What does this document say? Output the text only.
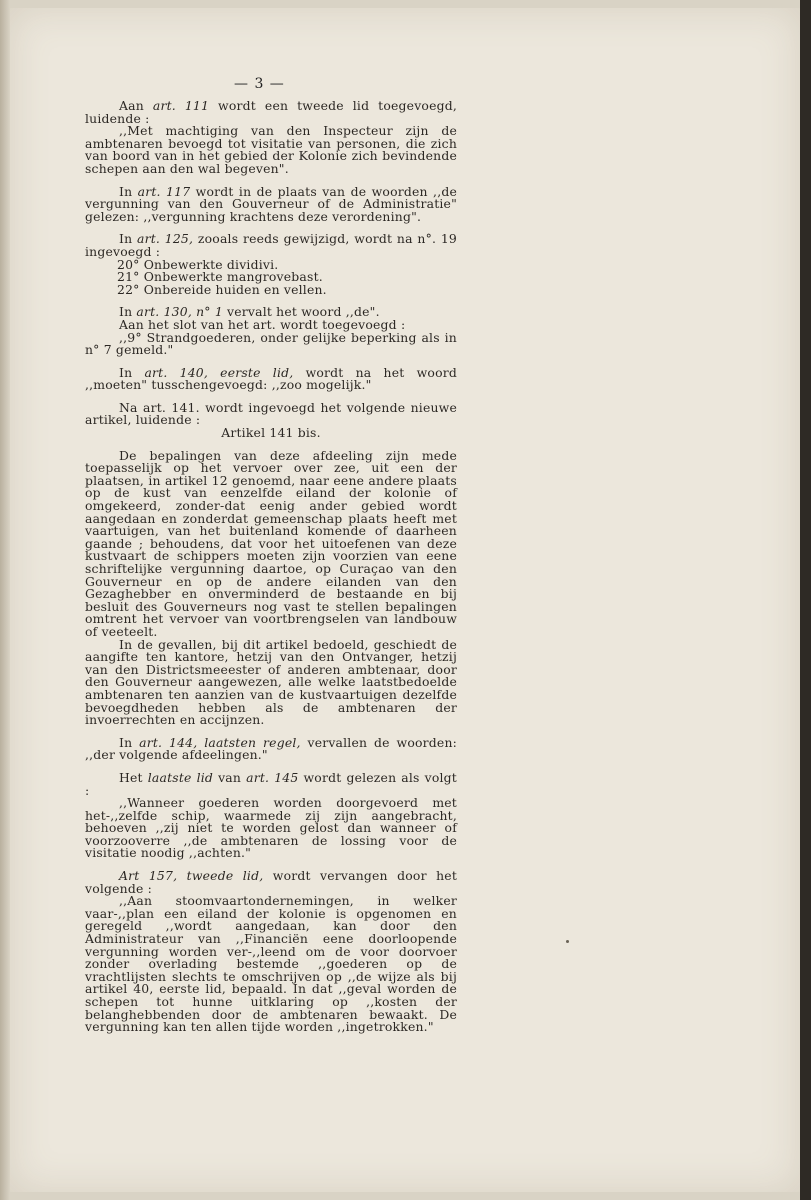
— 3 —

Aan art. 111 wordt een tweede lid toegevoegd, luidende :

,,Met machtiging van den Inspecteur zijn de ambtenaren bevoegd tot visitatie van personen, die zich van boord van in het gebied der Kolonie zich bevindende schepen aan den wal begeven".

In art. 117 wordt in de plaats van de woorden ,,de vergunning van den Gouverneur of de Administratie" gelezen: ,,vergunning krachtens deze verordening".

In art. 125, zooals reeds gewijzigd, wordt na n°. 19 ingevoegd :

20° Onbewerkte dividivi.

21° Onbewerkte mangrovebast.

22° Onbereide huiden en vellen.

In art. 130, n° 1 vervalt het woord ,,de".

Aan het slot van het art. wordt toegevoegd :

,,9° Strandgoederen, onder gelijke beperking als in n° 7 gemeld."

In art. 140, eerste lid, wordt na het woord ,,moeten" tusschengevoegd: ,,zoo mogelijk."

Na art. 141. wordt ingevoegd het volgende nieuwe artikel, luidende :

Artikel 141 bis.

De bepalingen van deze afdeeling zijn mede toepasselijk op het vervoer over zee, uit een der plaatsen, in artikel 12 genoemd, naar eene andere plaats op de kust van eenzelfde eiland der kolonie of omgekeerd, zonder-dat eenig ander gebied wordt aangedaan en zonderdat gemeenschap plaats heeft met vaartuigen, van het buitenland komende of daarheen gaande ; behoudens, dat voor het uitoefenen van deze kustvaart de schippers moeten zijn voorzien van eene schriftelijke vergunning daartoe, op Curaçao van den Gouverneur en op de andere eilanden van den Gezaghebber en onverminderd de bestaande en bij besluit des Gouverneurs nog vast te stellen bepalingen omtrent het vervoer van voortbrengselen van landbouw of veeteelt.

In de gevallen, bij dit artikel bedoeld, geschiedt de aangifte ten kantore, hetzij van den Ontvanger, hetzij van den Districtsmeeester of anderen ambtenaar, door den Gouverneur aangewezen, alle welke laatstbedoelde ambtenaren ten aanzien van de kustvaartuigen dezelfde bevoegdheden hebben als de ambtenaren der invoerrechten en accijnzen.

In art. 144, laatsten regel, vervallen de woorden: ,,der volgende afdeelingen."

Het laatste lid van art. 145 wordt gelezen als volgt :

,,Wanneer goederen worden doorgevoerd met het-,,zelfde schip, waarmede zij zijn aangebracht, behoeven ,,zij niet te worden gelost dan wanneer of voorzooverre ,,de ambtenaren de lossing voor de visitatie noodig ,,achten."

Art 157, tweede lid, wordt vervangen door het volgende :

,,Aan stoomvaartondernemingen, in welker vaar-,,plan een eiland der kolonie is opgenomen en geregeld ,,wordt aangedaan, kan door den Administrateur van ,,Financiën eene doorloopende vergunning worden ver-,,leend om de voor doorvoer zonder overlading bestemde ,,goederen op de vrachtlijsten slechts te omschrijven op ,,de wijze als bij artikel 40, eerste lid, bepaald. In dat ,,geval worden de schepen tot hunne uitklaring op ,,kosten der belanghebbenden door de ambtenaren bewaakt. De vergunning kan ten allen tijde worden ,,ingetrokken."
